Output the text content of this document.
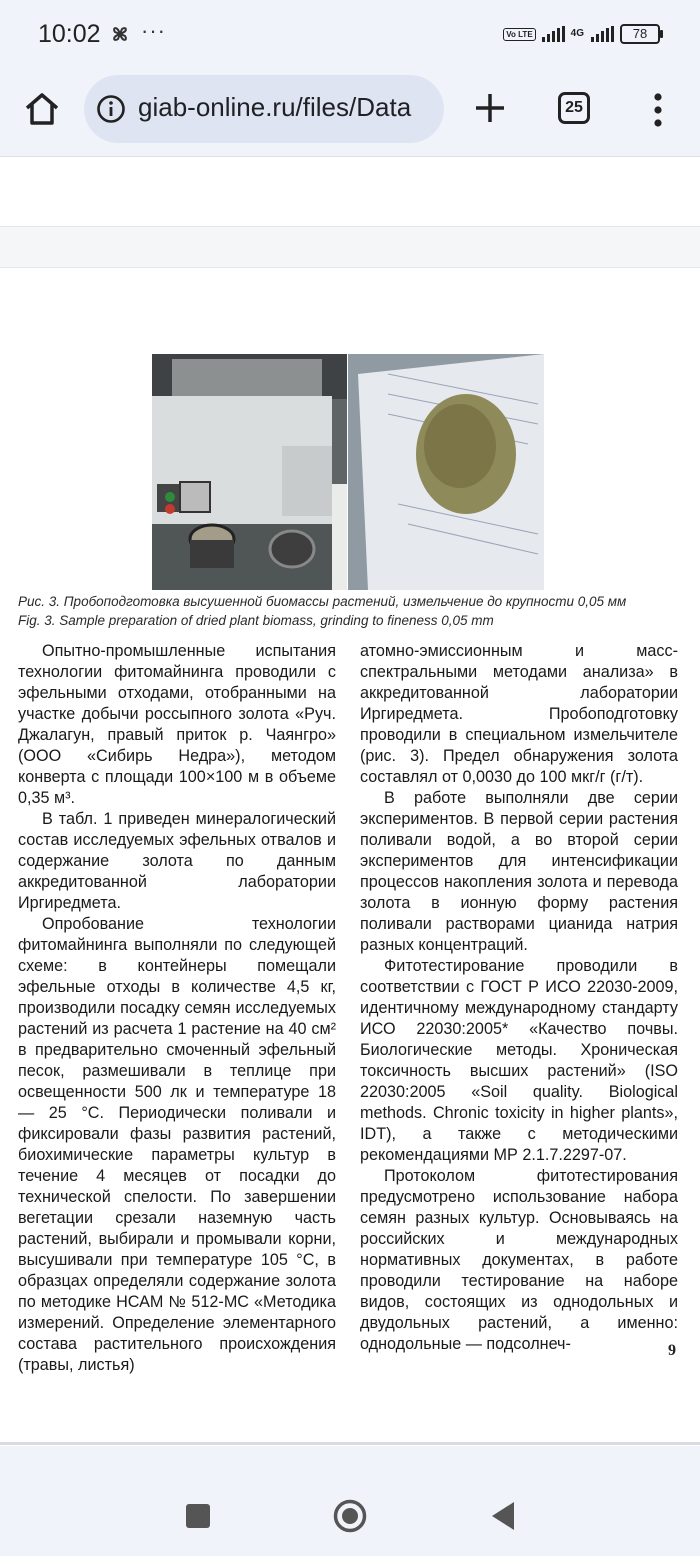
10:02 ···	Vo LTE	4G	78
giab-online.ru/files/Data	25
Рис. 3. Пробоподготовка высушенной биомассы растений, измельчение до крупности 0,05 мм
Fig. 3. Sample preparation of dried plant biomass, grinding to fineness 0,05 mm

Опытно-промышленные испытания технологии фитомайнинга проводили с эфельными отходами, отобранными на участке добычи россыпного золота «Руч. Джалагун, правый приток р. Чаянгро» (ООО «Сибирь Недра»), методом конверта с площади 100×100 м в объеме 0,35 м³.

В табл. 1 приведен минералогический состав исследуемых эфельных отвалов и содержание золота по данным аккредитованной лаборатории Иргиредмета.

Опробование технологии фитомайнинга выполняли по следующей схеме: в контейнеры помещали эфельные отходы в количестве 4,5 кг, производили посадку семян исследуемых растений из расчета 1 растение на 40 см² в предварительно смоченный эфельный песок, размешивали в теплице при освещенности 500 лк и температуре 18 — 25 °С. Периодически поливали и фиксировали фазы развития растений, биохимические параметры культур в течение 4 месяцев от посадки до технической спелости. По завершении вегетации срезали наземную часть растений, выбирали и промывали корни, высушивали при температуре 105 °С, в образцах определяли содержание золота по методике НСАМ № 512-МС «Методика измерений. Определение элементарного состава растительного происхождения (травы, листья)

атомно-эмиссионным и масс-спектральными методами анализа» в аккредитованной лаборатории Иргиредмета. Пробоподготовку проводили в специальном измельчителе (рис. 3). Предел обнаружения золота составлял от 0,0030 до 100 мкг/г (г/т).

В работе выполняли две серии экспериментов. В первой серии растения поливали водой, а во второй серии экспериментов для интенсификации процессов накопления золота и перевода золота в ионную форму растения поливали растворами цианида натрия разных концентраций.

Фитотестирование проводили в соответствии с ГОСТ Р ИСО 22030-2009, идентичному международному стандарту ИСО 22030:2005* «Качество почвы. Биологические методы. Хроническая токсичность высших растений» (ISO 22030:2005 «Soil quality. Biological methods. Chronic toxicity in higher plants», IDT), а также с методическими рекомендациями МР 2.1.7.2297-07.

Протоколом фитотестирования предусмотрено использование набора семян разных культур. Основываясь на российских и международных нормативных документах, в работе проводили тестирование на наборе видов, состоящих из однодольных и двудольных растений, а именно: однодольные — подсолнеч-	9
